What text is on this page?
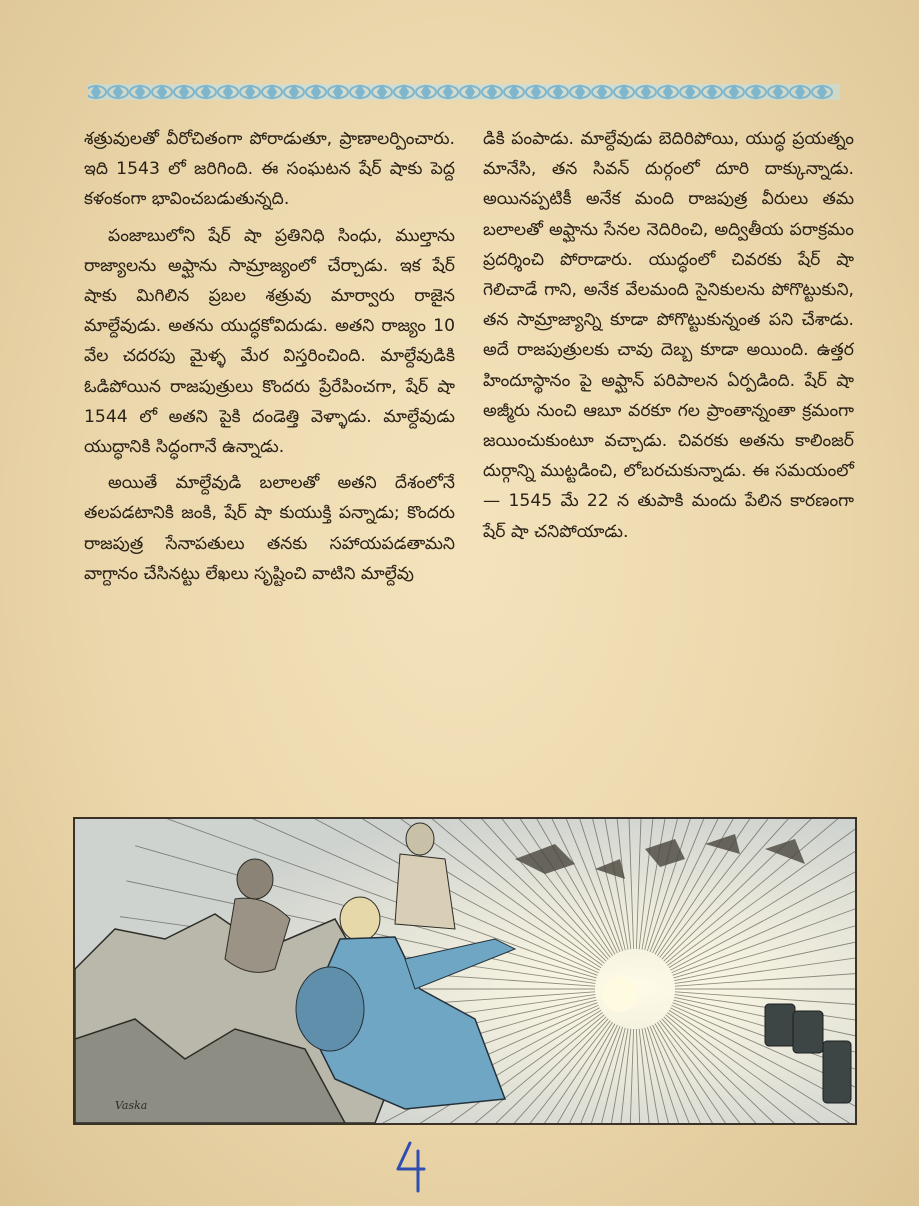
శత్రువులతో వీరోచితంగా పోరాడుతూ, ప్రాణాలర్పించారు. ఇది 1543 లో జరిగింది. ఈ సంఘటన షేర్ షాకు పెద్ద కళంకంగా భావించబడుతున్నది.

పంజాబులోని షేర్ షా ప్రతినిధి సింధు, ముల్తాను రాజ్యాలను అఫ్ఘాను సామ్రాజ్యంలో చేర్చాడు. ఇక షేర్ షాకు మిగిలిన ప్రబల శత్రువు మార్వారు రాజైన మాల్దేవుడు. అతను యుద్ధకోవిదుడు. అతని రాజ్యం 10 వేల చదరపు మైళ్ళ మేర విస్తరించింది. మాల్దేవుడికి ఓడిపోయిన రాజపుత్రులు కొందరు ప్రేరేపించగా, షేర్ షా 1544 లో అతని పైకి దండెత్తి వెళ్ళాడు. మాల్దేవుడు యుద్ధానికి సిద్ధంగానే ఉన్నాడు.

అయితే మాల్దేవుడి బలాలతో అతని దేశంలోనే తలపడటానికి జంకి, షేర్ షా కుయుక్తి పన్నాడు; కొందరు రాజపుత్ర సేనాపతులు తనకు సహాయపడతామని వాగ్దానం చేసినట్టు లేఖలు సృష్టించి వాటిని మాల్దేవు

డికి పంపాడు. మాల్దేవుడు బెదిరిపోయి, యుద్ధ ప్రయత్నం మానేసి, తన సివన్ దుర్గంలో దూరి దాక్కున్నాడు. అయినప్పటికీ అనేక మంది రాజపుత్ర వీరులు తమ బలాలతో అఫ్ఘాను సేనల నెదిరించి, అద్వితీయ పరాక్రమం ప్రదర్శించి పోరాడారు. యుద్ధంలో చివరకు షేర్ షా గెలిచాడే గాని, అనేక వేలమంది సైనికులను పోగొట్టుకుని, తన సామ్రాజ్యాన్ని కూడా పోగొట్టుకున్నంత పని చేశాడు. అదే రాజపుత్రులకు చావు దెబ్బ కూడా అయింది. ఉత్తర హిందూస్థానం పై అఫ్ఘాన్ పరిపాలన ఏర్పడింది. షేర్ షా అజ్మీరు నుంచి ఆబూ వరకూ గల ప్రాంతాన్నంతా క్రమంగా జయించుకుంటూ వచ్చాడు. చివరకు అతను కాలింజర్ దుర్గాన్ని ముట్టడించి, లోబరచుకున్నాడు. ఈ సమయంలో— 1545 మే 22 న తుపాకి మందు పేలిన కారణంగా షేర్ షా చనిపోయాడు.

Vaska
